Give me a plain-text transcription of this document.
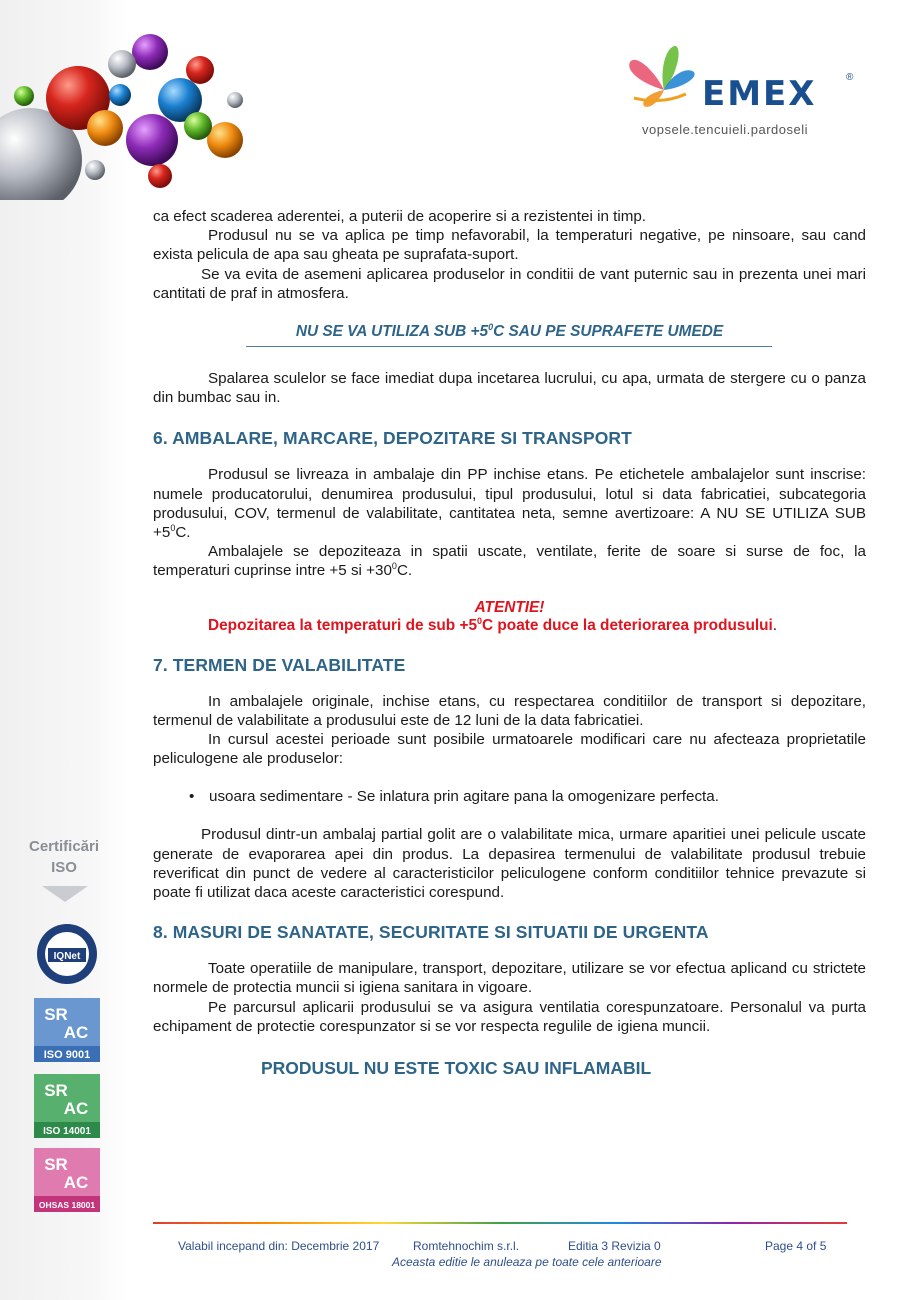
EMEX	®
vopsele.tencuieli.pardoseli
Certificări
ISO
IQNet
SR
AC
ISO 9001
SR
AC
ISO 14001
SR
AC
OHSAS 18001

ca efect scaderea aderentei, a puterii de acoperire si a rezistentei in timp.

Produsul nu se va aplica pe timp nefavorabil, la temperaturi negative, pe ninsoare, sau cand exista pelicula de apa sau gheata pe suprafata-suport.

Se va evita de asemeni aplicarea produselor in conditii de vant puternic sau in prezenta unei mari cantitati de praf in atmosfera.

NU SE VA UTILIZA SUB $+5^0C$ SAU PE SUPRAFETE UMEDE

Spalarea sculelor se face imediat dupa incetarea lucrului, cu apa, urmata de stergere cu o panza din bumbac sau in.

6. AMBALARE, MARCARE, DEPOZITARE SI TRANSPORT

Produsul se livreaza in ambalaje din PP inchise etans. Pe etichetele ambalajelor sunt inscrise: numele producatorului, denumirea produsului, tipul produsului, lotul si data fabricatiei, subcategoria produsului, COV, termenul de valabilitate, cantitatea neta, semne avertizoare: A NU SE UTILIZA SUB $+5^0C$.

Ambalajele se depoziteaza in spatii uscate, ventilate, ferite de soare si surse de foc, la temperaturi cuprinse intre +5 si $+30^0C$.

ATENTIE!

Depozitarea la temperaturi de sub $+5^0C$ poate duce la deteriorarea produsului.

7. TERMEN DE VALABILITATE

In ambalajele originale, inchise etans, cu respectarea conditiilor de transport si depozitare, termenul de valabilitate a produsului este de 12 luni de la data fabricatiei.

In cursul acestei perioade sunt posibile urmatoarele modificari care nu afecteaza proprietatile peliculogene ale produselor:

• usoara sedimentare - Se inlatura prin agitare pana la omogenizare perfecta.

Produsul dintr-un ambalaj partial golit are o valabilitate mica, urmare aparitiei unei pelicule uscate generate de evaporarea apei din produs. La depasirea termenului de valabilitate produsul trebuie reverificat din punct de vedere al caracteristicilor peliculogene conform conditiilor tehnice prevazute si poate fi utilizat daca aceste caracteristici corespund.

8. MASURI DE SANATATE, SECURITATE SI SITUATII DE URGENTA

Toate operatiile de manipulare, transport, depozitare, utilizare se vor efectua aplicand cu strictete normele de protectia muncii si igiena sanitara in vigoare.

Pe parcursul aplicarii produsului se va asigura ventilatia corespunzatoare. Personalul va purta echipament de protectie corespunzator si se vor respecta regulile de igiena muncii.

PRODUSUL NU ESTE TOXIC SAU INFLAMABIL

Valabil incepand din: Decembrie 2017	Romtehnochim s.r.l.	Editia 3 Revizia 0	Page 4 of 5
Aceasta editie le anuleaza pe toate cele anterioare
